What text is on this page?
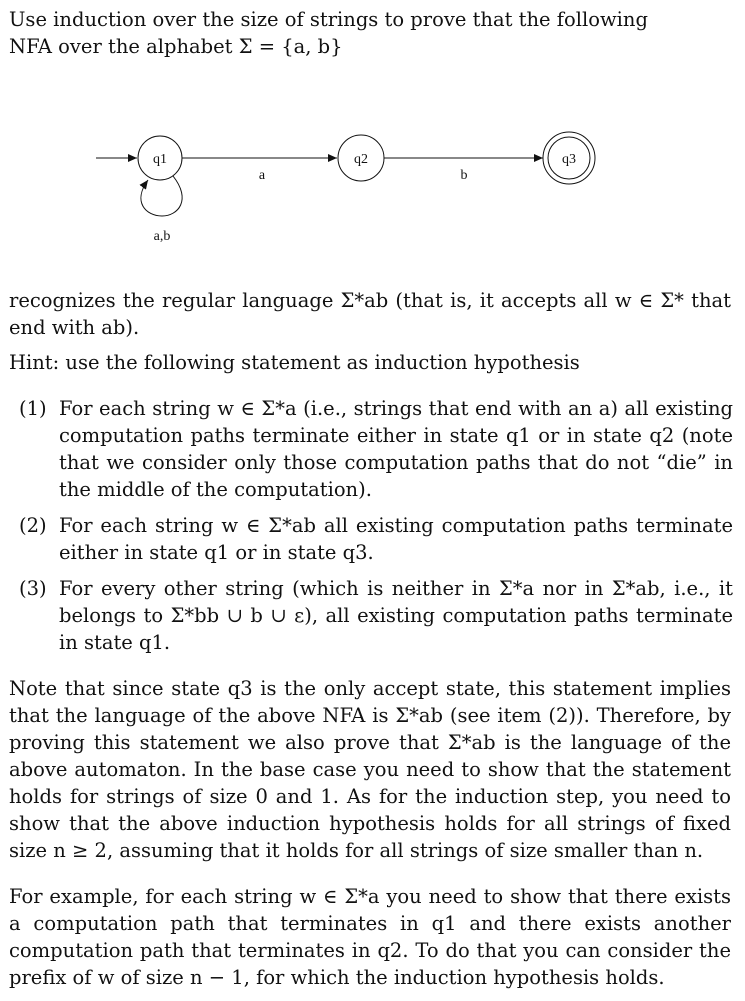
Use induction over the size of strings to prove that the following
NFA over the alphabet Σ = {a, b}
q1
a,b
a
q2
b
q3
recognizes the regular language Σ*ab (that is, it accepts all w ∈ Σ* that end with ab).
Hint: use the following statement as induction hypothesis
(1) For each string w ∈ Σ*a (i.e., strings that end with an a) all existing computation paths terminate either in state q1 or in state q2 (note that we consider only those computation paths that do not “die” in the middle of the computation).
(2) For each string w ∈ Σ*ab all existing computation paths terminate either in state q1 or in state q3.
(3) For every other string (which is neither in Σ*a nor in Σ*ab, i.e., it belongs to Σ*bb ∪ b ∪ ε), all existing computation paths terminate in state q1.
Note that since state q3 is the only accept state, this statement implies that the language of the above NFA is Σ*ab (see item (2)). Therefore, by proving this statement we also prove that Σ*ab is the language of the above automaton. In the base case you need to show that the statement holds for strings of size 0 and 1. As for the induction step, you need to show that the above induction hypothesis holds for all strings of fixed size n ≥ 2, assuming that it holds for all strings of size smaller than n.
For example, for each string w ∈ Σ*a you need to show that there exists a computation path that terminates in q1 and there exists another computation path that terminates in q2. To do that you can consider the prefix of w of size n − 1, for which the induction hypothesis holds.
